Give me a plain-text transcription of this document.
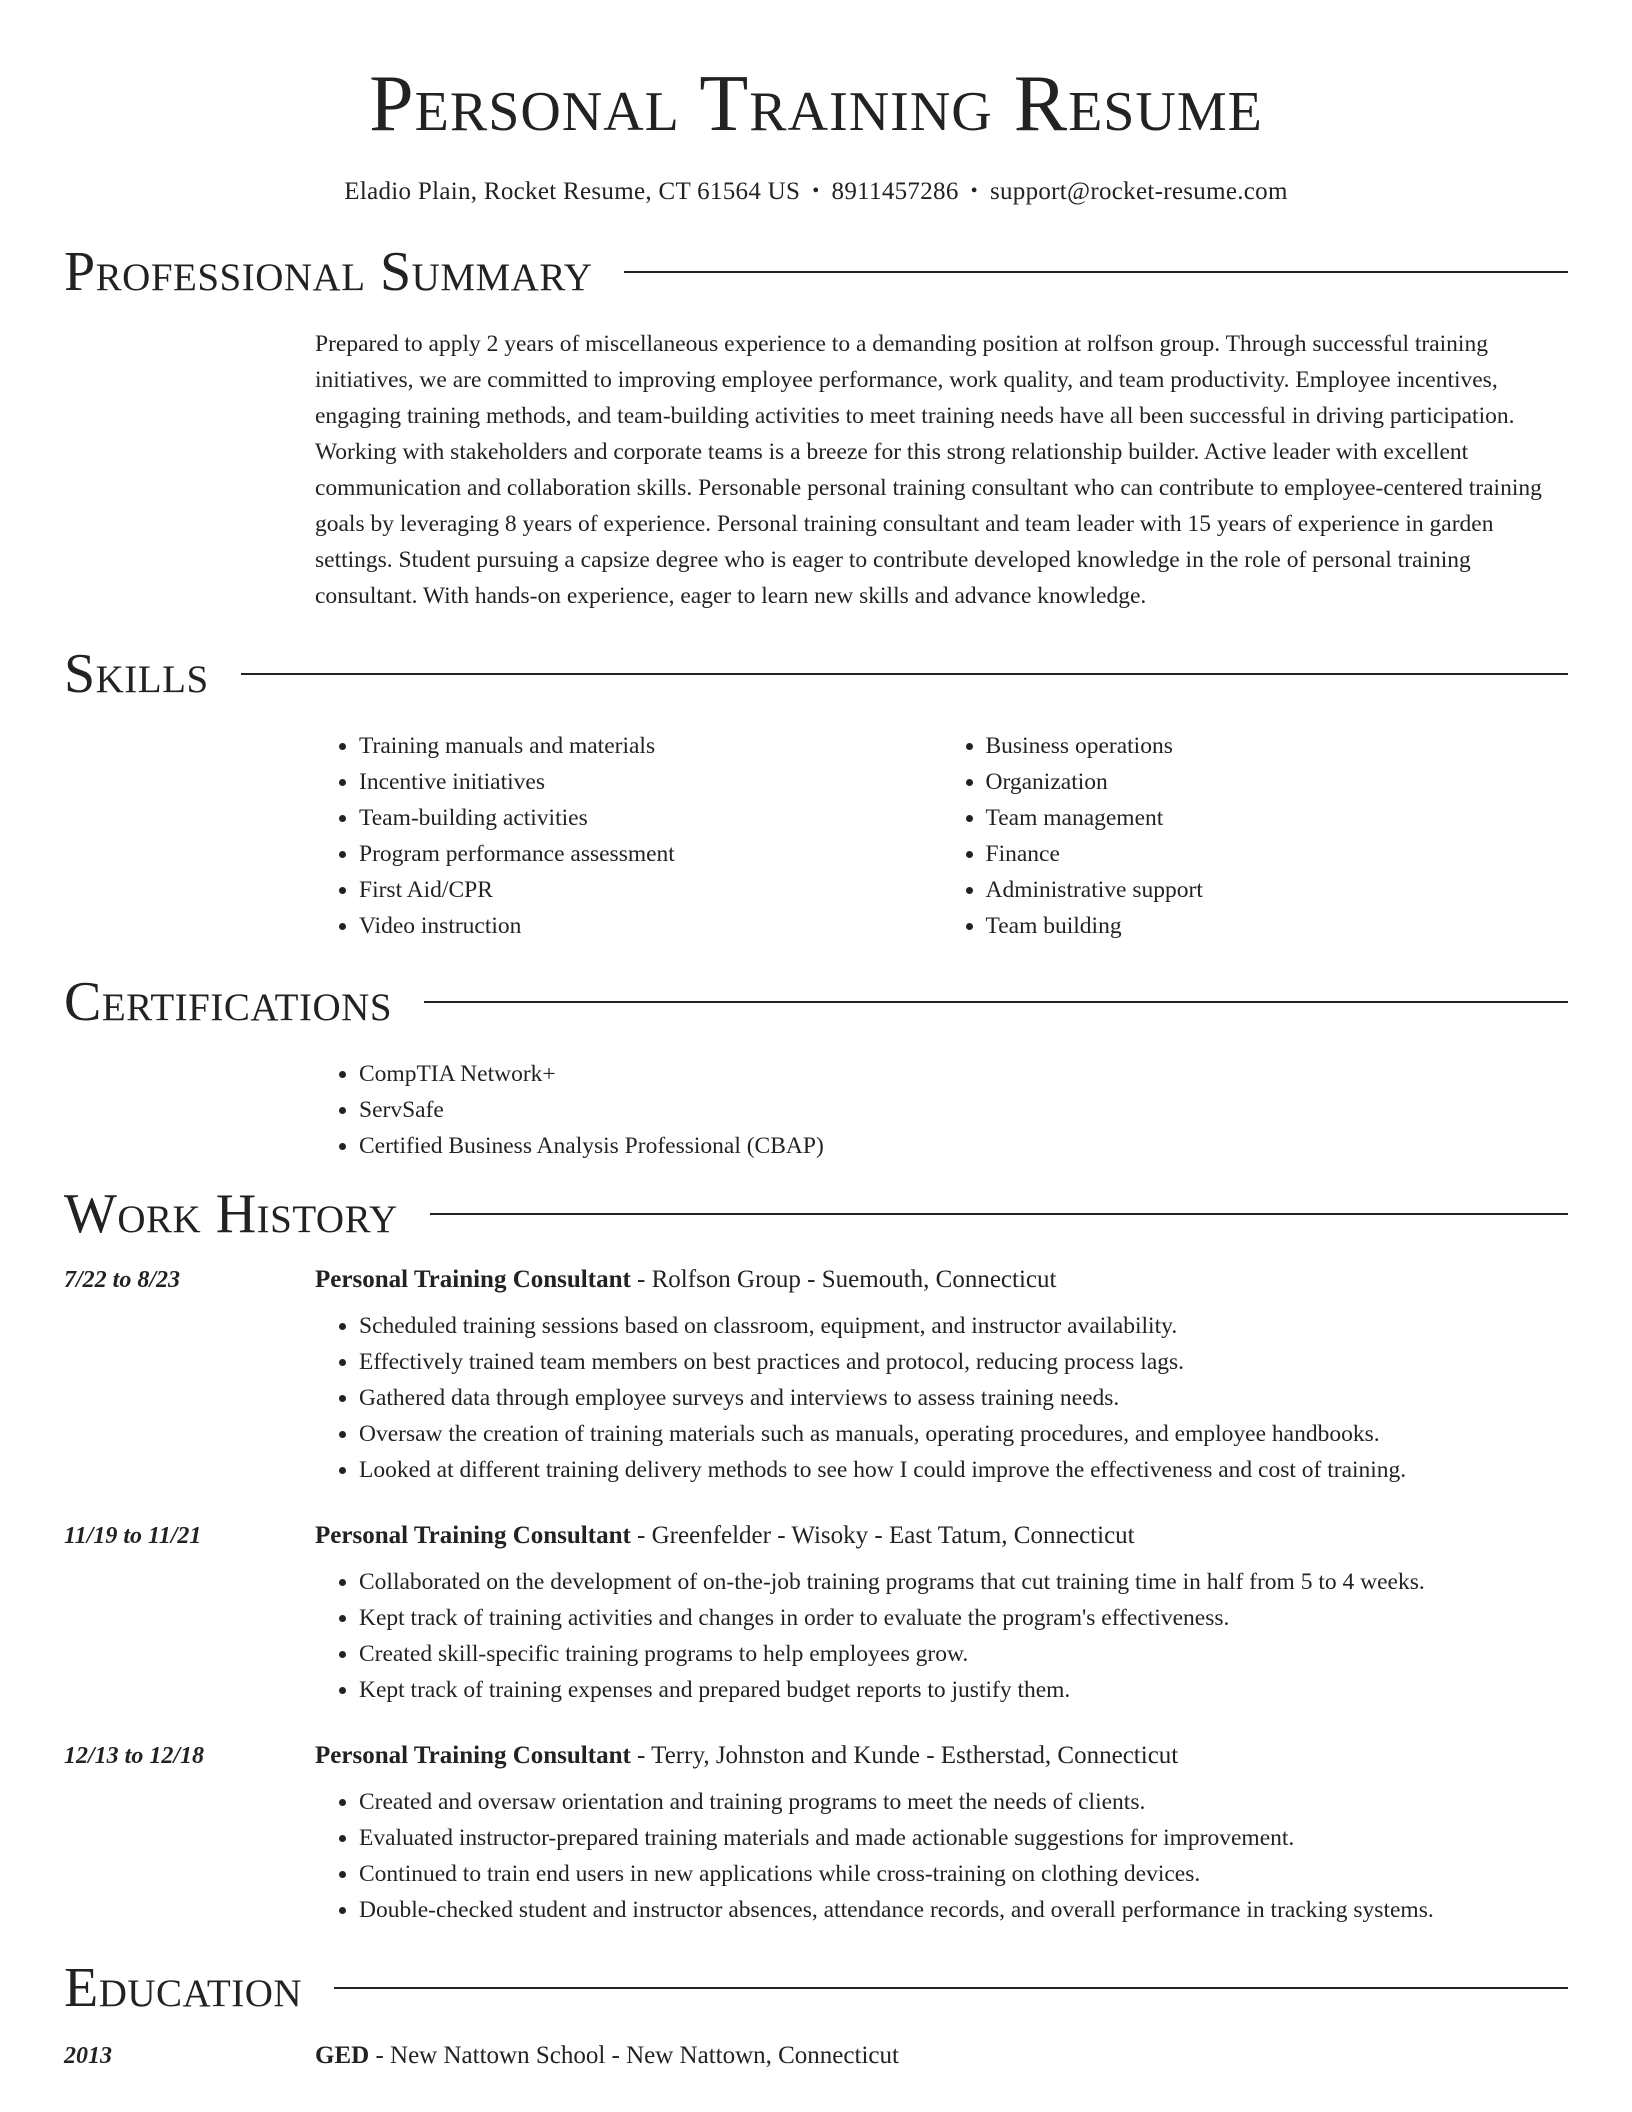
Personal Training Resume
Eladio Plain, Rocket Resume, CT 61564 US • 8911457286 • support@rocket-resume.com
Professional Summary
Prepared to apply 2 years of miscellaneous experience to a demanding position at rolfson group. Through successful training initiatives, we are committed to improving employee performance, work quality, and team productivity. Employee incentives, engaging training methods, and team-building activities to meet training needs have all been successful in driving participation. Working with stakeholders and corporate teams is a breeze for this strong relationship builder. Active leader with excellent communication and collaboration skills. Personable personal training consultant who can contribute to employee-centered training goals by leveraging 8 years of experience. Personal training consultant and team leader with 15 years of experience in garden settings. Student pursuing a capsize degree who is eager to contribute developed knowledge in the role of personal training consultant. With hands-on experience, eager to learn new skills and advance knowledge.
Skills
• Training manuals and materials
• Incentive initiatives
• Team-building activities
• Program performance assessment
• First Aid/CPR
• Video instruction
• Business operations
• Organization
• Team management
• Finance
• Administrative support
• Team building
Certifications
• CompTIA Network+
• ServSafe
• Certified Business Analysis Professional (CBAP)
Work History
7/22 to 8/23	Personal Training Consultant - Rolfson Group - Suemouth, Connecticut
• Scheduled training sessions based on classroom, equipment, and instructor availability.
• Effectively trained team members on best practices and protocol, reducing process lags.
• Gathered data through employee surveys and interviews to assess training needs.
• Oversaw the creation of training materials such as manuals, operating procedures, and employee handbooks.
• Looked at different training delivery methods to see how I could improve the effectiveness and cost of training.
11/19 to 11/21	Personal Training Consultant - Greenfelder - Wisoky - East Tatum, Connecticut
• Collaborated on the development of on-the-job training programs that cut training time in half from 5 to 4 weeks.
• Kept track of training activities and changes in order to evaluate the program's effectiveness.
• Created skill-specific training programs to help employees grow.
• Kept track of training expenses and prepared budget reports to justify them.
12/13 to 12/18	Personal Training Consultant - Terry, Johnston and Kunde - Estherstad, Connecticut
• Created and oversaw orientation and training programs to meet the needs of clients.
• Evaluated instructor-prepared training materials and made actionable suggestions for improvement.
• Continued to train end users in new applications while cross-training on clothing devices.
• Double-checked student and instructor absences, attendance records, and overall performance in tracking systems.
Education
2013	GED - New Nattown School - New Nattown, Connecticut
